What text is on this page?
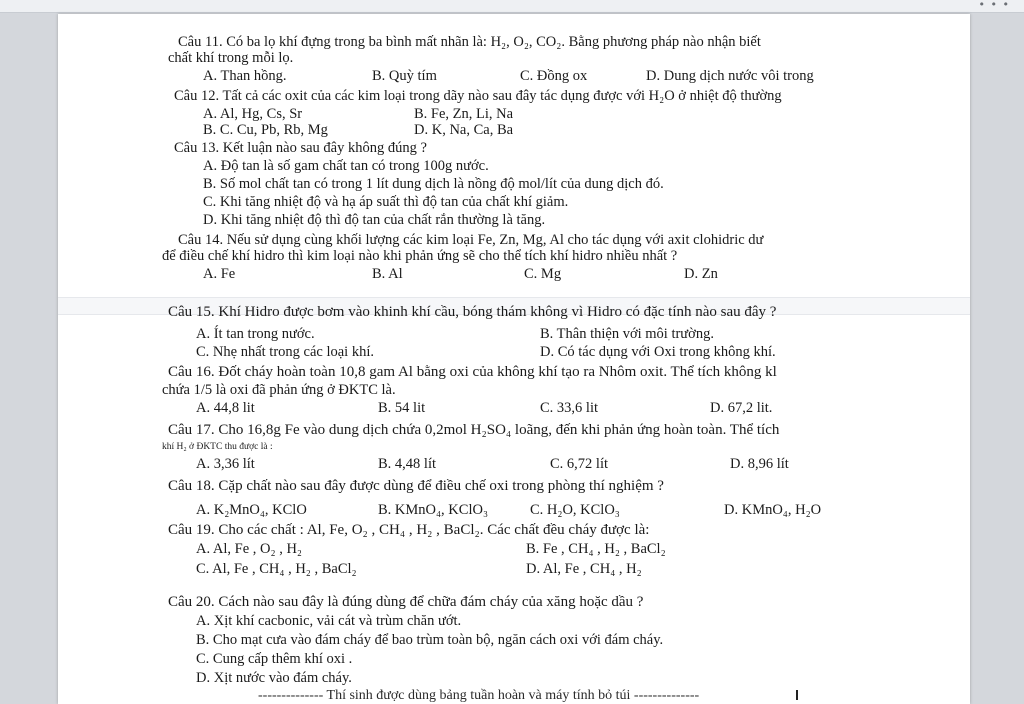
• • •
Câu 11. Có ba lọ khí đựng trong ba bình mất nhãn là: H₂, O₂, CO₂. Bằng phương pháp nào nhận biết
chất khí trong mỗi lọ.
A. Than hồng.	B. Quỳ tím	C. Đồng ox	D. Dung dịch nước vôi trong
Câu 12. Tất cả các oxit của các kim loại trong dãy nào sau đây tác dụng được với H₂O ở nhiệt độ thường
A. Al, Hg, Cs, Sr	B. Fe, Zn, Li, Na
B. C. Cu, Pb, Rb, Mg	D. K, Na, Ca, Ba
Câu 13. Kết luận nào sau đây không đúng ?
A. Độ tan là số gam chất tan có trong 100g nước.
B. Số mol chất tan có trong 1 lít dung dịch là nồng độ mol/lít của dung dịch đó.
C. Khi tăng nhiệt độ và hạ áp suất thì độ tan của chất khí giảm.
D. Khi tăng nhiệt độ thì độ tan của chất rắn thường là tăng.
Câu 14. Nếu sử dụng cùng khối lượng các kim loại Fe, Zn, Mg, Al cho tác dụng với axit clohidric dư
để điều chế khí hidro thì kim loại nào khi phản ứng sẽ cho thể tích khí hidro nhiều nhất ?
A. Fe	B. Al	C. Mg	D. Zn
Câu 15. Khí Hidro được bơm vào khinh khí cầu, bóng thám không vì Hidro có đặc tính nào sau đây ?
A. Ít tan trong nước.	B. Thân thiện với môi trường.
C. Nhẹ nhất trong các loại khí.	D. Có tác dụng với Oxi trong không khí.
Câu 16. Đốt cháy hoàn toàn 10,8 gam Al bằng oxi của không khí tạo ra Nhôm oxit. Thể tích không kl
chứa 1/5 là oxi đã phản ứng ở ĐKTC là.
A. 44,8 lit	B. 54 lit	C. 33,6 lit	D. 67,2 lit.
Câu 17. Cho 16,8g Fe vào dung dịch chứa 0,2mol H₂SO₄ loãng, đến khi phản ứng hoàn toàn. Thể tích
khí H₂ ở ĐKTC thu được là :
A. 3,36 lít	B. 4,48 lít	C. 6,72 lít	D. 8,96 lít
Câu 18. Cặp chất nào sau đây được dùng để điều chế oxi trong phòng thí nghiệm ?
A. K₂MnO₄, KClO	B. KMnO₄, KClO₃	C. H₂O, KClO₃	D. KMnO₄, H₂O
Câu 19. Cho các chất : Al, Fe, O₂ , CH₄ , H₂ , BaCl₂. Các chất đều cháy được là:
A. Al, Fe , O₂ , H₂	B. Fe , CH₄ , H₂ , BaCl₂
C. Al, Fe , CH₄ , H₂ , BaCl₂	D. Al, Fe , CH₄ , H₂
Câu 20. Cách nào sau đây là đúng dùng để chữa đám cháy của xăng hoặc dầu ?
A. Xịt khí cacbonic, vải cát và trùm chăn ướt.
B. Cho mạt cưa vào đám cháy để bao trùm toàn bộ, ngăn cách oxi với đám cháy.
C. Cung cấp thêm khí oxi .
D. Xịt nước vào đám cháy.
-------------- Thí sinh được dùng bảng tuần hoàn và máy tính bỏ túi --------------
